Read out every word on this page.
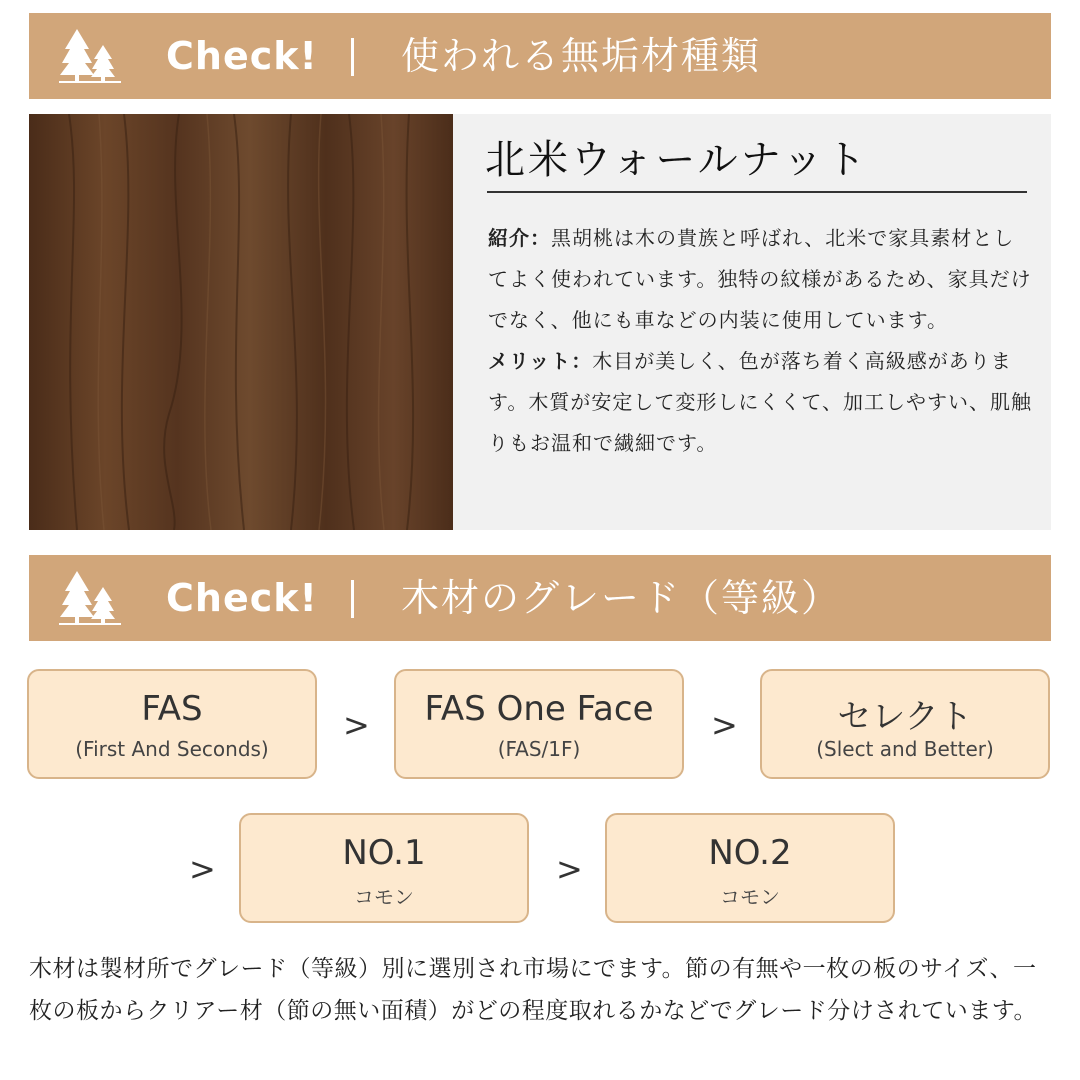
Check! 使われる無垢材種類
北米ウォールナット

紹介：黒胡桃は木の貴族と呼ばれ、北米で家具素材としてよく使われています。独特の紋様があるため、家具だけでなく、他にも車などの内装に使用しています。

メリット：木目が美しく、色が落ち着く高級感があります。木質が安定して変形しにくくて、加工しやすい、肌触りもお温和で繊細です。

Check! 木材のグレード（等級）
FAS
(First And Seconds)
>	FAS One Face
(FAS/1F)
>	セレクト
(Slect and Better)
>	NO.1
コモン
>	NO.2
コモン
木材は製材所でグレード（等級）別に選別され市場にでます。節の有無や一枚の板のサイズ、一枚の板からクリアー材（節の無い面積）がどの程度取れるかなどでグレード分けされています。
